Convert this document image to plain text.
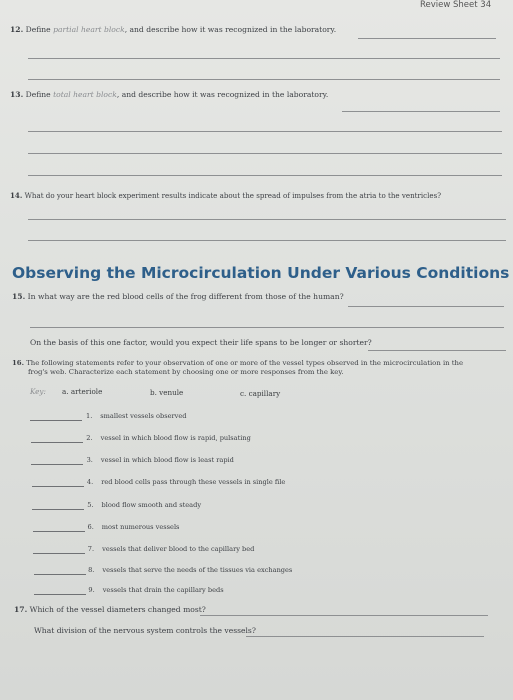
Review Sheet 34
12. Define partial heart block, and describe how it was recognized in the laboratory.
13. Define total heart block, and describe how it was recognized in the laboratory.
14. What do your heart block experiment results indicate about the spread of impulses from the atria to the ventricles?
Observing the Microcirculation Under Various Conditions
15. In what way are the red blood cells of the frog different from those of the human?
On the basis of this one factor, would you expect their life spans to be longer or shorter?
16. The following statements refer to your observation of one or more of the vessel types observed in the microcirculation in the
frog's web. Characterize each statement by choosing one or more responses from the key.
Key: a. arteriole	b. venule	c. capillary
1. smallest vessels observed
2. vessel in which blood flow is rapid, pulsating
3. vessel in which blood flow is least rapid
4. red blood cells pass through these vessels in single file
5. blood flow smooth and steady
6. most numerous vessels
7. vessels that deliver blood to the capillary bed
8. vessels that serve the needs of the tissues via exchanges
9. vessels that drain the capillary beds
17. Which of the vessel diameters changed most?
What division of the nervous system controls the vessels?
